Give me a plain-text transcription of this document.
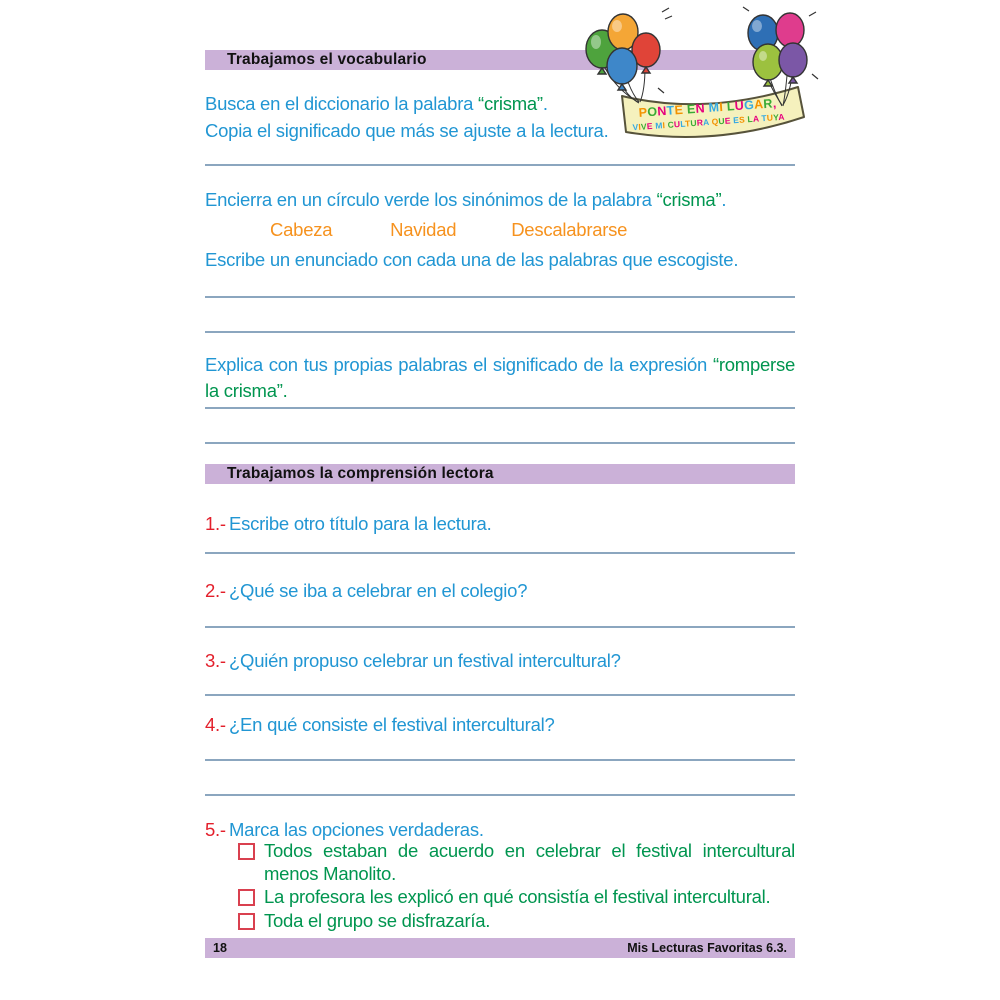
Trabajamos el vocabulario
PONTE EN MI LUGAR,
VIVE MI CULTURA QUE ES LA TUYA
Busca en el diccionario la palabra “crisma”.
Copia el significado que más se ajuste a la lectura.
Encierra en un círculo verde los sinónimos de la palabra “crisma”.
Cabeza	Navidad	Descalabrarse
Escribe un enunciado con cada una de las palabras que escogiste.
Explica con tus propias palabras el significado de la expresión “romperse la crisma”.
Trabajamos la comprensión lectora
1.- Escribe otro título para la lectura.
2.- ¿Qué se iba a celebrar en el colegio?
3.- ¿Quién propuso celebrar un festival intercultural?
4.- ¿En qué consiste el festival intercultural?
5.- Marca las opciones verdaderas.
Todos estaban de acuerdo en celebrar el festival intercultural menos Manolito.
La profesora les explicó en qué consistía el festival intercultural.
Toda el grupo se disfrazaría.
18	Mis Lecturas Favoritas 6.3.
